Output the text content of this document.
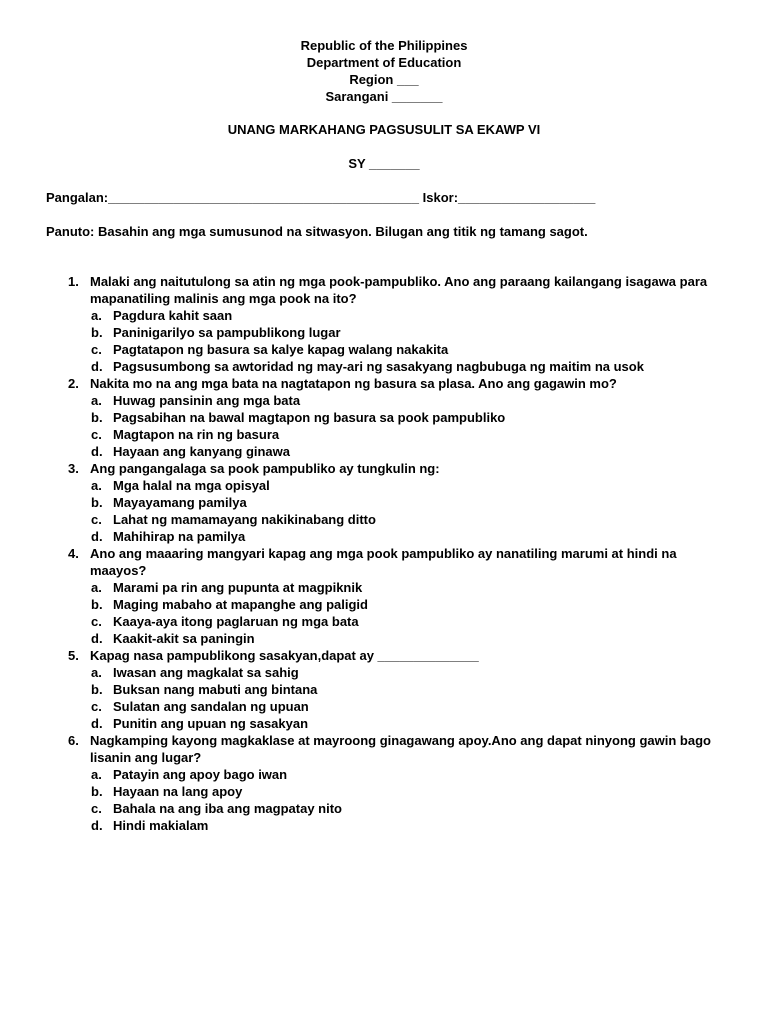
Republic of the Philippines
Department of Education
Region ___
Sarangani _______
UNANG MARKAHANG PAGSUSULIT SA EKAWP VI
SY _______
Pangalan:___________________________________________ Iskor:___________________
Panuto: Basahin ang mga sumusunod na sitwasyon. Bilugan ang titik ng tamang sagot.
1. Malaki ang naitutulong sa atin ng mga pook-pampubliko. Ano ang paraang kailangang isagawa para mapanatiling malinis ang mga pook na ito?
a. Pagdura kahit saan
b. Paninigarilyo sa pampublikong lugar
c. Pagtatapon ng basura sa kalye kapag walang nakakita
d. Pagsusumbong sa awtoridad ng may-ari ng sasakyang nagbubuga ng maitim na usok
2. Nakita mo na ang mga bata na nagtatapon ng basura sa plasa. Ano ang gagawin mo?
a. Huwag pansinin ang mga bata
b. Pagsabihan na bawal magtapon ng basura sa pook pampubliko
c. Magtapon na rin ng basura
d. Hayaan ang kanyang ginawa
3. Ang pangangalaga sa pook pampubliko ay tungkulin ng:
a. Mga halal na mga opisyal
b. Mayayamang pamilya
c. Lahat ng mamamayang nakikinabang ditto
d. Mahihirap na pamilya
4. Ano ang maaaring mangyari kapag ang mga pook pampubliko ay nanatiling marumi at hindi na maayos?
a. Marami pa rin ang pupunta at magpiknik
b. Maging mabaho at mapanghe ang paligid
c. Kaaya-aya itong paglaruan ng mga bata
d. Kaakit-akit sa paningin
5. Kapag nasa pampublikong sasakyan,dapat ay ______________
a. Iwasan ang magkalat sa sahig
b. Buksan nang mabuti ang bintana
c. Sulatan ang sandalan ng upuan
d. Punitin ang upuan ng sasakyan
6. Nagkamping kayong magkaklase at mayroong ginagawang apoy.Ano ang dapat ninyong gawin bago lisanin ang lugar?
a. Patayin ang apoy bago iwan
b. Hayaan na lang apoy
c. Bahala na ang iba ang magpatay nito
d. Hindi makialam
